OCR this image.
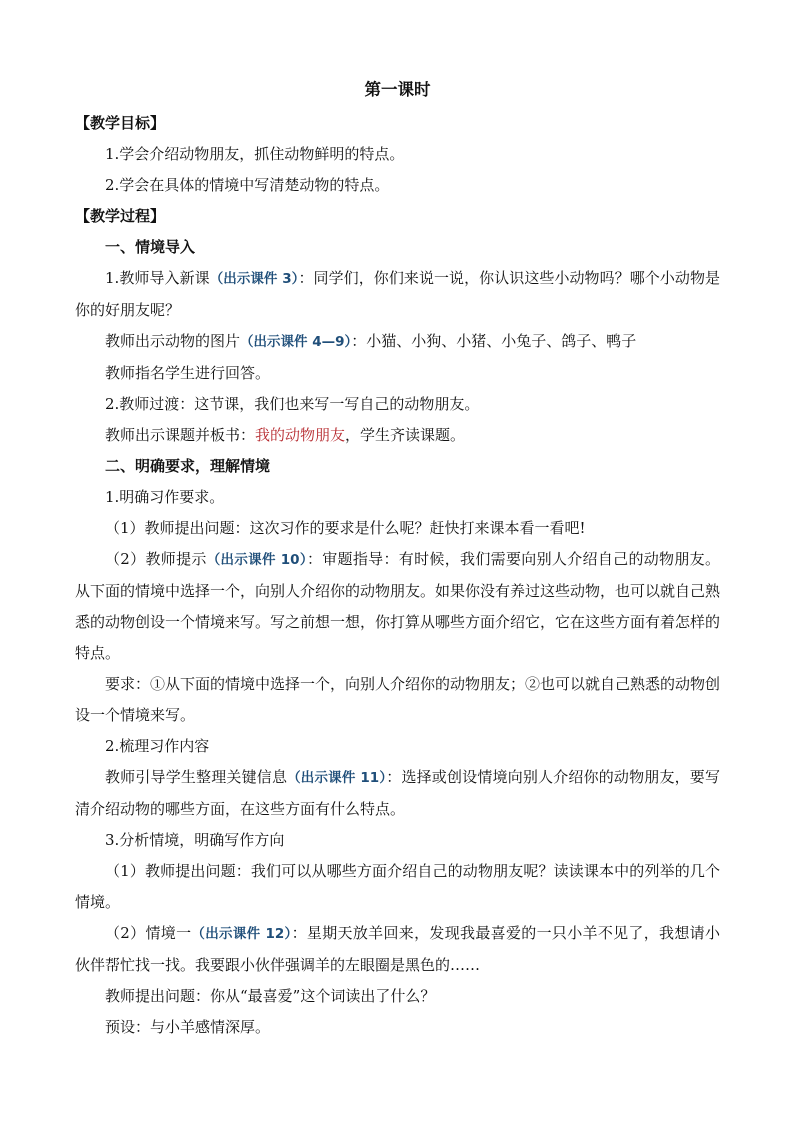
第一课时
【教学目标】
1.学会介绍动物朋友，抓住动物鲜明的特点。
2.学会在具体的情境中写清楚动物的特点。
【教学过程】
一、情境导入
1.教师导入新课（出示课件 3）：同学们，你们来说一说，你认识这些小动物吗？哪个小动物是你的好朋友呢？
教师出示动物的图片（出示课件 4—9）：小猫、小狗、小猪、小兔子、鸽子、鸭子
教师指名学生进行回答。
2.教师过渡：这节课，我们也来写一写自己的动物朋友。
教师出示课题并板书：我的动物朋友，学生齐读课题。
二、明确要求，理解情境
1.明确习作要求。
（1）教师提出问题：这次习作的要求是什么呢？赶快打来课本看一看吧!
（2）教师提示（出示课件 10）：审题指导：有时候，我们需要向别人介绍自己的动物朋友。从下面的情境中选择一个，向别人介绍你的动物朋友。如果你没有养过这些动物，也可以就自己熟悉的动物创设一个情境来写。写之前想一想，你打算从哪些方面介绍它，它在这些方面有着怎样的特点。
要求：①从下面的情境中选择一个，向别人介绍你的动物朋友；②也可以就自己熟悉的动物创设一个情境来写。
2.梳理习作内容
教师引导学生整理关键信息（出示课件 11）：选择或创设情境向别人介绍你的动物朋友，要写清介绍动物的哪些方面，在这些方面有什么特点。
3.分析情境，明确写作方向
（1）教师提出问题：我们可以从哪些方面介绍自己的动物朋友呢？读读课本中的列举的几个情境。
（2）情境一（出示课件 12）：星期天放羊回来，发现我最喜爱的一只小羊不见了，我想请小伙伴帮忙找一找。我要跟小伙伴强调羊的左眼圈是黑色的……
教师提出问题：你从“最喜爱”这个词读出了什么？
预设：与小羊感情深厚。
